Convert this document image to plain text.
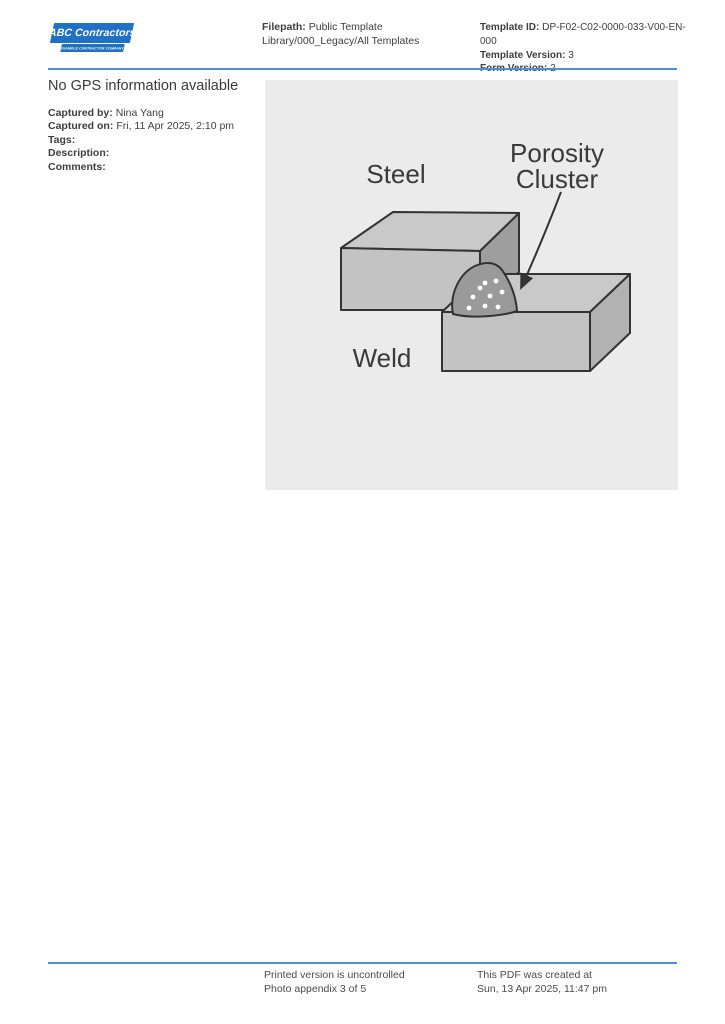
ABC Contractors
EXAMPLE CONTRACTOR COMPANY
Filepath: Public Template Library/000_Legacy/All Templates
Template ID: DP-F02-C02-0000-033-V00-EN-000
Template Version: 3
No GPS information available
Captured by: Nina Yang
Captured on: Fri, 11 Apr 2025, 2:10 pm
Tags:
Description:
Comments:	Steel
Porosity
Cluster
Weld
Printed version is uncontrolled
Photo appendix 3 of 5
This PDF was created at
Sun, 13 Apr 2025, 11:47 pm
